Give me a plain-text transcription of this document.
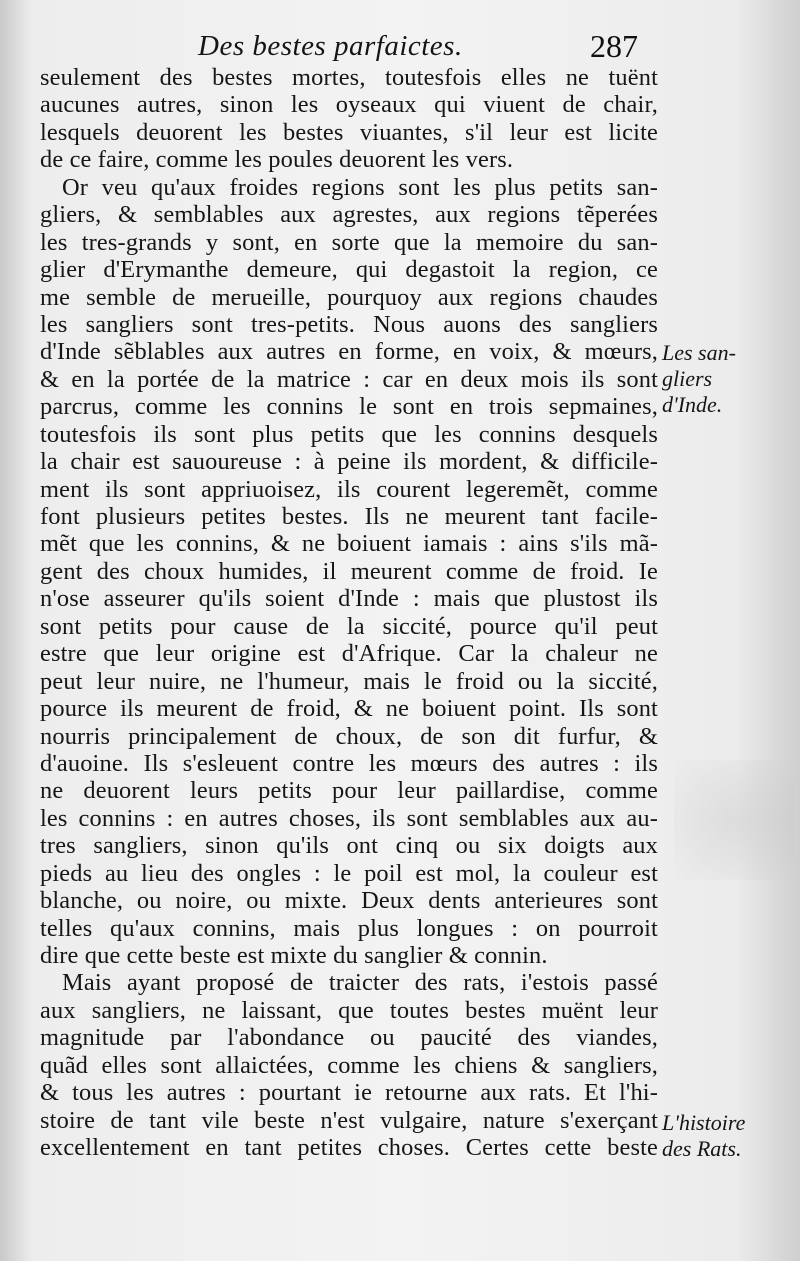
Des bestes parfaictes.	287
seulement des bestes mortes, toutesfois elles ne tuënt
aucunes autres, sinon les oyseaux qui viuent de chair,
lesquels deuorent les bestes viuantes, s'il leur est licite
de ce faire, comme les poules deuorent les vers.
Or veu qu'aux froides regions sont les plus petits san-
gliers, & semblables aux agrestes, aux regions tẽperées
les tres-grands y sont, en sorte que la memoire du san-
glier d'Erymanthe demeure, qui degastoit la region, ce
me semble de merueille, pourquoy aux regions chaudes
les sangliers sont tres-petits. Nous auons des sangliers
d'Inde sẽblables aux autres en forme, en voix, & mœurs,
& en la portée de la matrice : car en deux mois ils sont
parcrus, comme les connins le sont en trois sepmaines,
toutesfois ils sont plus petits que les connins desquels
la chair est sauoureuse : à peine ils mordent, & difficile-
ment ils sont appriuoisez, ils courent legeremẽt, comme
font plusieurs petites bestes. Ils ne meurent tant facile-
mẽt que les connins, & ne boiuent iamais : ains s'ils mã-
gent des choux humides, il meurent comme de froid. Ie
n'ose asseurer qu'ils soient d'Inde : mais que plustost ils
sont petits pour cause de la siccité, pource qu'il peut
estre que leur origine est d'Afrique. Car la chaleur ne
peut leur nuire, ne l'humeur, mais le froid ou la siccité,
pource ils meurent de froid, & ne boiuent point. Ils sont
nourris principalement de choux, de son dit furfur, &
d'auoine. Ils s'esleuent contre les mœurs des autres : ils
ne deuorent leurs petits pour leur paillardise, comme
les connins : en autres choses, ils sont semblables aux au-
tres sangliers, sinon qu'ils ont cinq ou six doigts aux
pieds au lieu des ongles : le poil est mol, la couleur est
blanche, ou noire, ou mixte. Deux dents anterieures sont
telles qu'aux connins, mais plus longues : on pourroit
dire que cette beste est mixte du sanglier & connin.
Mais ayant proposé de traicter des rats, i'estois passé
aux sangliers, ne laissant, que toutes bestes muënt leur
magnitude par l'abondance ou paucité des viandes,
quãd elles sont allaictées, comme les chiens & sangliers,
& tous les autres : pourtant ie retourne aux rats. Et l'hi-
stoire de tant vile beste n'est vulgaire, nature s'exerçant
excellentement en tant petites choses. Certes cette beste
Les san-
gliers
d'Inde.
L'histoire
des Rats.
